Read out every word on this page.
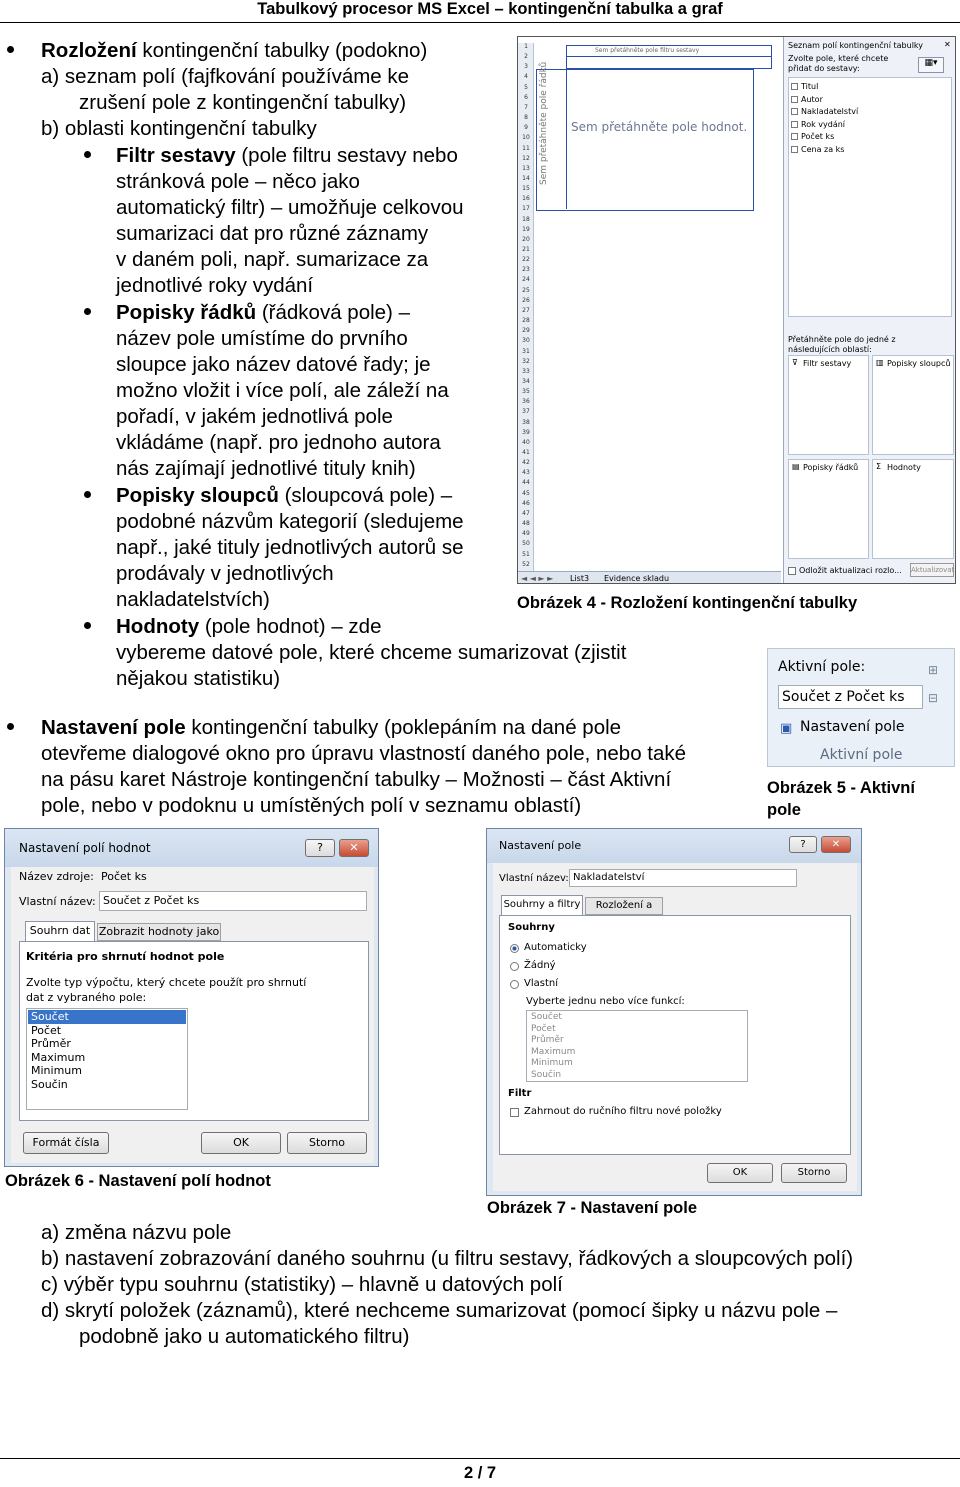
Tabulkový procesor MS Excel – kontingenční tabulka a graf
Rozložení kontingenční tabulky (podokno)
a) seznam polí (fajfkování používáme ke
zrušení pole z kontingenční tabulky)
b) oblasti kontingenční tabulky
Filtr sestavy (pole filtru sestavy nebo
stránková pole – něco jako
automatický filtr) – umožňuje celkovou
sumarizaci dat pro různé záznamy
v daném poli, např. sumarizace za
jednotlivé roky vydání
Popisky řádků (řádková pole) –
název pole umístíme do prvního
sloupce jako název datové řady; je
možno vložit i více polí, ale záleží na
pořadí, v jakém jednotlivá pole
vkládáme (např. pro jednoho autora
nás zajímají jednotlivé tituly knih)
Popisky sloupců (sloupcová pole) –
podobné názvům kategorií (sledujeme
např., jaké tituly jednotlivých autorů se
prodávaly v jednotlivých
nakladatelstvích)
Hodnoty (pole hodnot) – zde
vybereme datové pole, které chceme sumarizovat (zjistit
nějakou statistiku)
1
2
3
4
5
6
7
8
9
10
11
12
13
14
15
16
17
18
19
20
21
22
23
24
25
26
27
28
29
30
31
32
33
34
35
36
37
38
39
40
41
42
43
44
45
46
47
48
49
50
51
52
Sem přetáhněte pole filtru sestavy
Sem přetáhněte pole řádků Sem přetáhněte pole hodnot.
◄ ◄ ► ► List3 Evidence skladu
Seznam polí kontingenční tabulky	✕
Zvolte pole, které chcete přidat do sestavy:
▦▾
Titul
Autor
Nakladatelství
Rok vydání
Počet ks
Cena za ks
Přetáhněte pole do jedné z následujících oblastí:
⊽ Filtr sestavy	▥ Popisky sloupců
▤ Popisky řádků Σ Hodnoty
Odložit aktualizaci rozlo... Aktualizovat
Obrázek 4 - Rozložení kontingenční tabulky
Aktivní pole:	⊞
Součet z Počet ks	⊟
▣ Nastavení pole
Aktivní pole
Obrázek 5 - Aktivní
pole
Nastavení pole kontingenční tabulky (poklepáním na dané pole
otevřeme dialogové okno pro úpravu vlastností daného pole, nebo také
na pásu karet Nástroje kontingenční tabulky – Možnosti – část Aktivní
pole, nebo v podoknu u umístěných polí v seznamu oblastí)
Nastavení polí hodnot	?	✕
Název zdroje: Počet ks
Vlastní název: Součet z Počet ks
Souhrn dat Zobrazit hodnoty jako
Kritéria pro shrnutí hodnot pole
Zvolte typ výpočtu, který chcete použít pro shrnutí
dat z vybraného pole:
Součet
Počet
Průměr
Maximum
Minimum
Součin
Formát čísla	OK	Storno
Obrázek 6 - Nastavení polí hodnot
Nastavení pole	?	✕
Vlastní název: Nakladatelství
Souhrny a filtry	Rozložení a
Souhrny
Automaticky
Žádný
Vlastní
Vyberte jednu nebo více funkcí:
Součet
Počet
Průměr
Maximum
Minimum
Součin
Filtr
Zahrnout do ručního filtru nové položky
OK	Storno
Obrázek 7 - Nastavení pole
a) změna názvu pole
b) nastavení zobrazování daného souhrnu (u filtru sestavy, řádkových a sloupcových polí)
c) výběr typu souhrnu (statistiky) – hlavně u datových polí
d) skrytí položek (záznamů), které nechceme sumarizovat (pomocí šipky u názvu pole –
podobně jako u automatického filtru)
2 / 7
